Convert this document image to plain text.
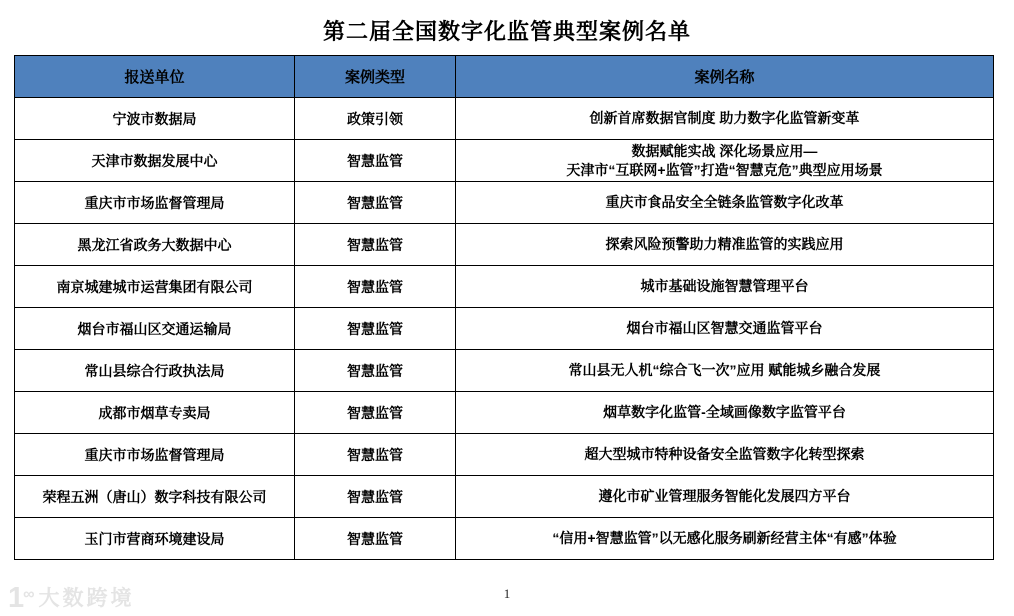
第二届全国数字化监管典型案例名单
报送单位	案例类型	案例名称
宁波市数据局	政策引领	创新首席数据官制度 助力数字化监管新变革

天津市数据发展中心	智慧监管	数据赋能实战 深化场景应用—
天津市“互联网+监管”打造“智慧克危”典型应用场景

重庆市市场监督管理局	智慧监管	重庆市食品安全全链条监管数字化改革

黑龙江省政务大数据中心	智慧监管	探索风险预警助力精准监管的实践应用

南京城建城市运营集团有限公司	智慧监管	城市基础设施智慧管理平台

烟台市福山区交通运输局	智慧监管	烟台市福山区智慧交通监管平台

常山县综合行政执法局	智慧监管	常山县无人机“综合飞一次”应用 赋能城乡融合发展

成都市烟草专卖局	智慧监管	烟草数字化监管-全域画像数字监管平台

重庆市市场监督管理局	智慧监管	超大型城市特种设备安全监管数字化转型探索

荣程五洲（唐山）数字科技有限公司	智慧监管	遵化市矿业管理服务智能化发展四方平台

玉门市营商环境建设局	智慧监管	“信用+智慧监管”以无感化服务刷新经营主体“有感”体验
1∞ 大数跨境	1
